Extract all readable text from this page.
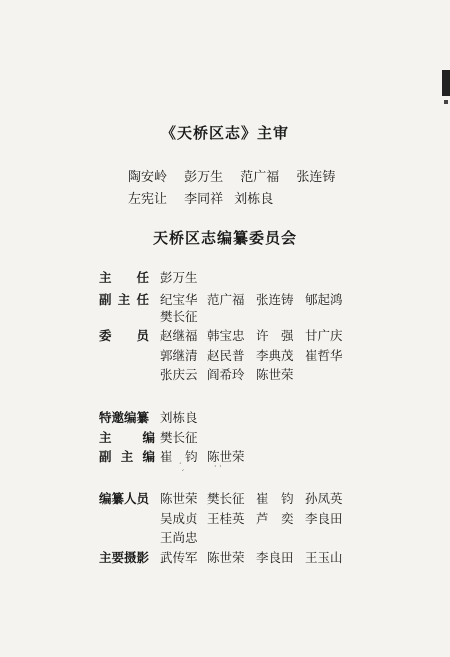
《天桥区志》主审
陶安岭 彭万生 范广福 张连铸
左宪让 李同祥 刘栋良
天桥区志编纂委员会
主 任 彭万生
副 主 任 纪宝华 范广福 张连铸 郇起鸿
樊长征
委 员 赵继福 韩宝忠 许　强 甘广庆
郭继清 赵民普 李典茂 崔哲华
张庆云 阎希玲 陈世荣
特邀编纂 刘栋良
主 编 樊长征
副 主 编 崔　钧 陈世荣
´ ̗	· ·
编纂人员 陈世荣 樊长征 崔　钧 孙凤英
吴成贞 王桂英 芦　奕 李良田
王尚忠
主要摄影 武传军 陈世荣 李良田 王玉山
